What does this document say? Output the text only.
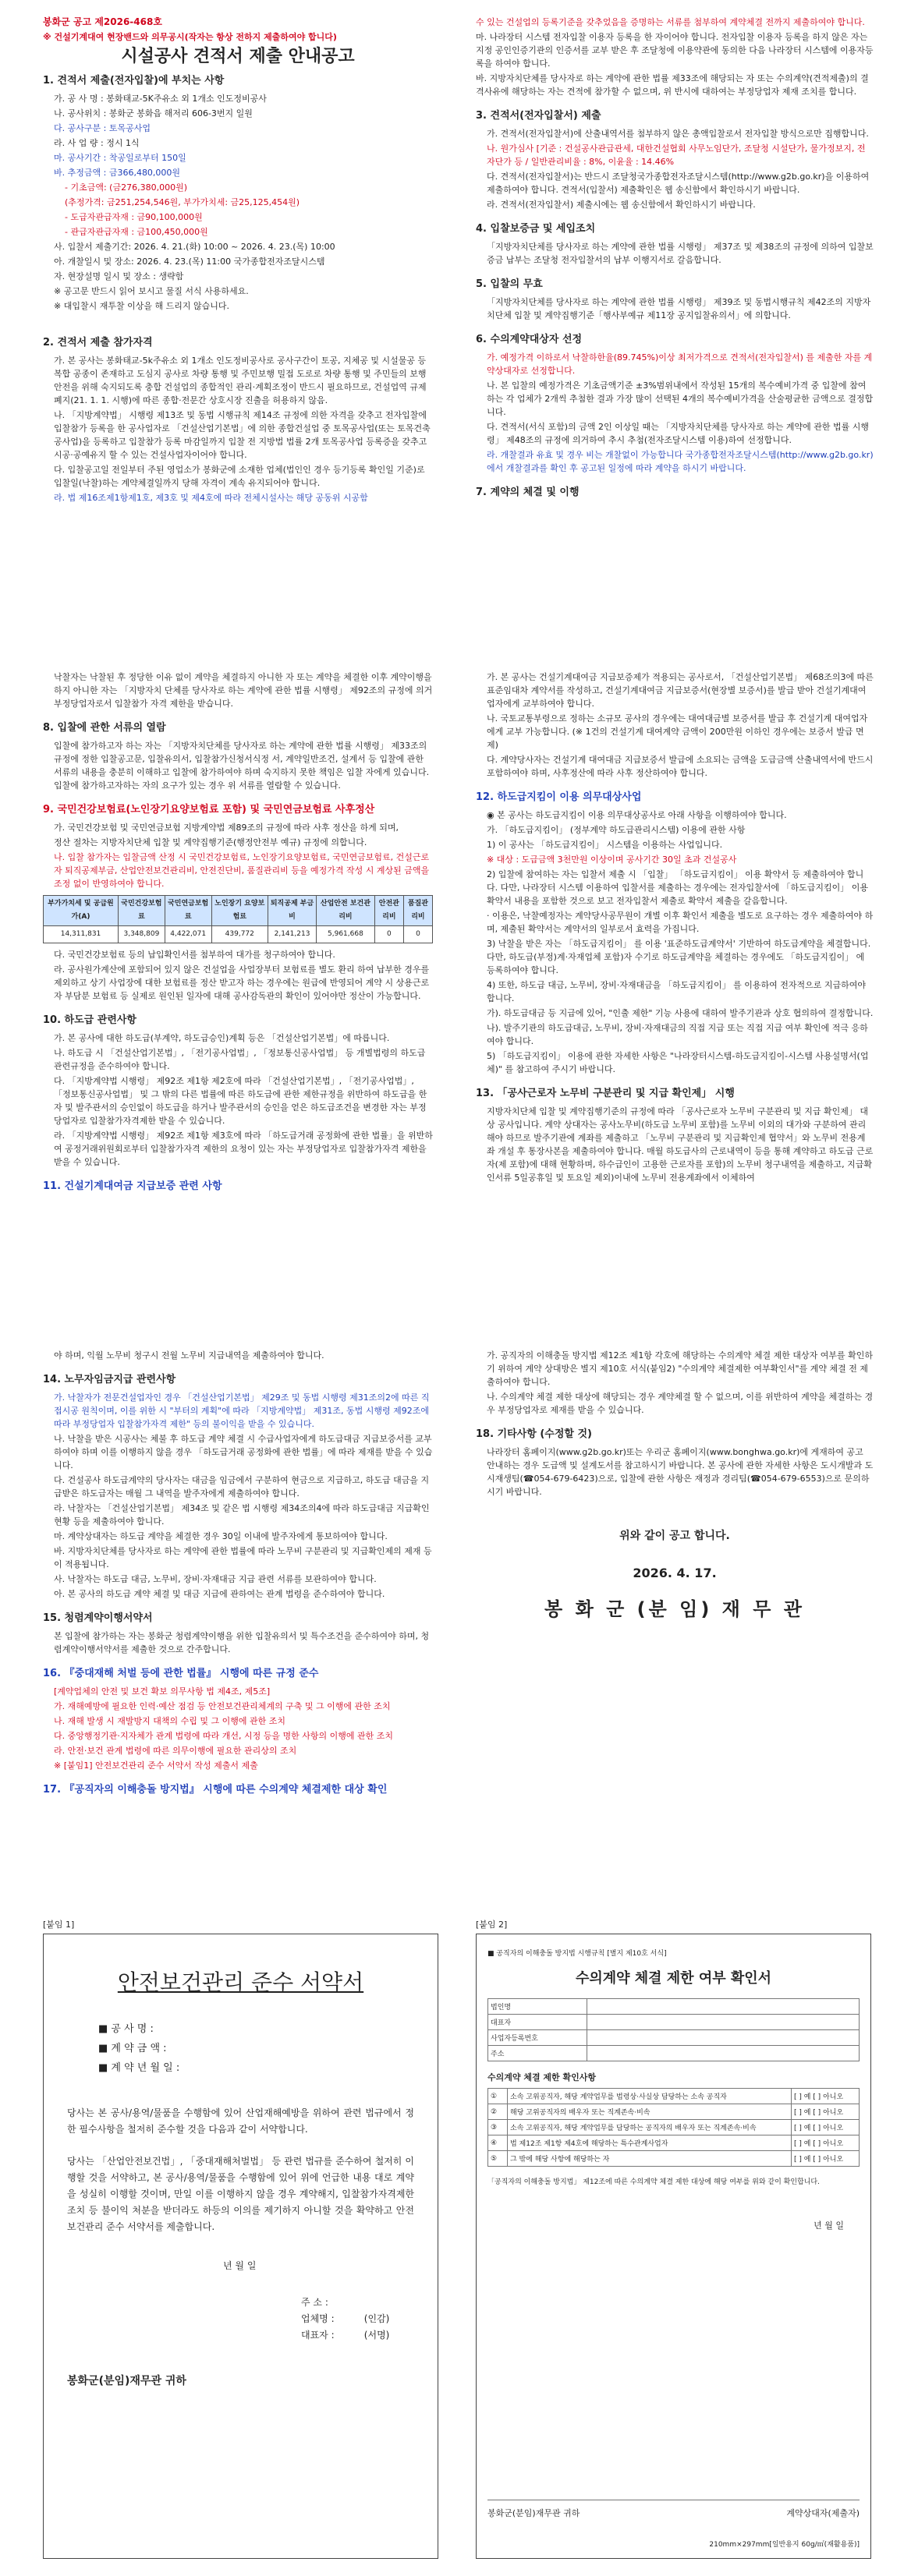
봉화군 공고 제2026-468호

※ 건설기계대여 현장밴드와 의무공시(작자는 항상 전하지 제출하여야 합니다)

시설공사 견적서 제출 안내공고
1. 견적서 제출(전자입찰)에 부치는 사항

가. 공 사 명 : 봉화태교-5K주유소 외 1개소 인도정비공사

나. 공사위치 : 봉화군 봉화읍 해저리 606-3번지 일원

다. 공사구분 : 토목공사업

라. 사 업 량 : 정시 1식

마. 공사기간 : 착공일로부터 150일

바. 추정금액 : 금366,480,000원

- 기초금액: (금276,380,000원)

(추정가격: 금251,254,546원, 부가가치세: 금25,125,454원)

- 도급자관급자재 : 금90,100,000원

- 관급자관급자재 : 금100,450,000원

사. 입찰서 제출기간: 2026. 4. 21.(화) 10:00 ~ 2026. 4. 23.(목) 10:00

아. 개찰일시 및 장소: 2026. 4. 23.(목) 11:00 국가종합전자조달시스템

자. 현장설명 일시 및 장소 : 생략함

※ 공고문 반드시 읽어 보시고 물질 서식 사용하세요.

※ 대입찰시 재투찰 이상을 해 드리지 않습니다.

2. 견적서 제출 참가자격

가. 본 공사는 봉화태교-5k주유소 외 1개소 인도정비공사로 공사구간이 토공, 지체공 및 시설물공 등 복합 공종이 존재하고 도심지 공사로 차량 통행 및 주민보행 밀접 도로로 차량 통행 및 주민들의 보행 안전을 위해 숙지되도록 충합 건설업의 종합적인 관리·계획조정이 반드시 필요하므로, 건설업역 규제폐지(21. 1. 1. 시행)에 따른 종합·전문간 상호시장 진출을 허용하지 않음.

나. 「지방계약법」 시행령 제13조 및 동법 시행규칙 제14조 규정에 의한 자격을 갖추고 전자입찰에 입찰참가 등록을 한 공사업자로 「건설산업기본법」에 의한 종합건설업 중 토목공사업(또는 토목건축공사업)을 등록하고 입찰참가 등록 마감일까지 입찰 전 지방법 법률 2개 토목공사업 등록증을 갖추고 시공·공예유지 할 수 있는 건설사업자이어야 합니다.

다. 입찰공고일 전일부터 주된 영업소가 봉화군에 소재한 업체(법인인 경우 등기등록 확인일 기준)로 입찰일(낙찰)하는 계약체결일까지 당해 자격이 계속 유지되어야 합니다.

라. 법 제16조제1항제1호, 제3호 및 제4호에 따라 전체시설사는 해당 공동위 시공함

수 있는 건설업의 등록기준을 갖추었음을 증명하는 서류를 첨부하여 계약체결 전까지 제출하여야 합니다.

마. 나라장터 시스템 전자입찰 이용자 등록을 한 자이어야 합니다. 전자입찰 이용자 등록을 하지 않은 자는 지정 공인인증기관의 인증서를 교부 받은 후 조달청에 이용약관에 동의한 다음 나라장터 시스템에 이용자등록을 하여야 합니다.

바. 지방자치단체를 당사자로 하는 계약에 관한 법률 제33조에 해당되는 자 또는 수의계약(견적제출)의 결격사유에 해당하는 자는 견적에 참가할 수 없으며, 위 반시에 대하여는 부정당업자 제재 조치를 합니다.

3. 견적서(전자입찰서) 제출

가. 견적서(전자입찰서)에 산출내역서를 첨부하지 않은 총액입찰로서 전자입찰 방식으로만 집행합니다.

나. 원가심사 [기준 : 건설공사관급관세, 대한건설협회 사무노임단가, 조달청 시설단가, 물가정보지, 전자단가 등 / 일반관리비율 : 8%, 이윤율 : 14.46%

다. 견적서(전자입찰서)는 반드시 조달청국가종합전자조달시스템(http://www.g2b.go.kr)을 이용하여 제출하여야 합니다. 견적서(입찰서) 제출확인은 웹 송신함에서 확인하시기 바랍니다.

라. 견적서(전자입찰서) 제출시에는 웹 송신함에서 확인하시기 바랍니다.

4. 입찰보증금 및 세입조치

「지방자치단체를 당사자로 하는 계약에 관한 법률 시행령」 제37조 및 제38조의 규정에 의하여 입찰보증금 납부는 조달청 전자입찰서의 납부 이행지서로 갈음합니다.

5. 입찰의 무효

「지방자치단체를 당사자로 하는 계약에 관한 법률 시행령」 제39조 및 동법시행규칙 제42조의 지방자치단체 입찰 및 계약집행기준「행사부예규 제11장 공지입찰유의서」에 의합니다.

6. 수의계약대상자 선정

가. 예정가격 이하로서 낙찰하한율(89.745%)이상 최저가격으로 견적서(전자입찰서) 를 제출한 자를 계약상대자로 선정합니다.

나. 본 입찰의 예정가격은 기초금액기준 ±3%범위내에서 작성된 15개의 복수예비가격 중 입찰에 참여하는 각 업체가 2개씩 추첨한 결과 가장 많이 선택된 4개의 복수예비가격을 산술평균한 금액으로 결정합니다.

다. 견적서(서식 포함)의 금액 2인 이상일 때는 「지방자치단체를 당사자로 하는 계약에 관한 법률 시행령」 제48조의 규정에 의거하여 추시 추첨(전자조달시스템 이용)하여 선정합니다.

라. 개찰결과 유효 및 경우 비는 개찰없이 가능합니다 국가종합전자조달시스템(http://www.g2b.go.kr)에서 개찰결과를 확인 후 공고된 일정에 따라 계약을 하시기 바랍니다.

7. 계약의 체결 및 이행

낙찰자는 낙찰된 후 정당한 이유 없이 계약을 체결하지 아니한 자 또는 계약을 체결한 이후 계약이행을 하지 아니한 자는 「지방자치 단체를 당사자로 하는 계약에 관한 법률 시행령」 제92조의 규정에 의거 부정당업자로서 입찰참가 자격 제한을 받습니다.

8. 입찰에 관한 서류의 열람

입찰에 참가하고자 하는 자는 「지방자치단체를 당사자로 하는 계약에 관한 법률 시행령」 제33조의 규정에 정한 입찰공고문, 입찰유의서, 입찰참가신청서식정 서, 계약일반조건, 설계서 등 입찰에 관한 서류의 내용을 충분히 이해하고 입찰에 참가하여야 하며 숙지하지 못한 책임은 입찰 자에게 있습니다. 입찰에 참가하고자하는 자의 요구가 있는 경우 위 서류를 열람할 수 있습니다.

9. 국민건강보험료(노인장기요양보험료 포함) 및 국민연금보험료 사후정산

가. 국민건강보험 및 국민연금보험 지방계약법 제89조의 규정에 따라 사후 정산을 하게 되며,

정산 절차는 지방자치단체 입찰 및 계약집행기준(행정안전부 예규) 규정에 의합니다.

나. 입찰 참가자는 입찰금액 산정 시 국민건강보험료, 노인장기요양보험료, 국민연금보험료, 건설근로자 퇴직공제부금, 산업안전보건관리비, 안전진단비, 품질관리비 등을 예정가격 작성 시 계상된 금액을 조정 없이 반영하여야 합니다.

부가가치세 및 공급원가(A)	국민건강보험료	국민연금보험료	노인장기 요양보험료	퇴직공제 부금비	산업안전 보건관리비	안전관리비	품질관리비
14,311,831	3,348,809	4,422,071	439,772	2,141,213	5,961,668	0	0

다. 국민건강보험료 등의 납입확인서를 첨부하여 대가를 청구하여야 합니다.

라. 공사원가계산에 포함되어 있지 않은 건설업을 사업장부터 보험료를 별도 환리 하여 납부한 경우를 제외하고 상기 사업장에 대한 보험료를 정산 받고자 하는 경우에는 원급에 반영되어 계약 시 상용근로자 부담분 보험료 등 실제로 원인된 일자에 대해 공사감독관의 확인이 있어야만 정산이 가능합니다.

10. 하도급 관련사항

가. 본 공사에 대한 하도급(부계약, 하도급승인)계획 등은 「건설산업기본법」에 따릅니다.

나. 하도급 시 「건설산업기본법」, 「전기공사업법」, 「정보통신공사업법」 등 개별법령의 하도급 관련규정을 준수하여야 합니다.

다. 「지방계약법 시행령」 제92조 제1항 제2호에 따라 「건설산업기본법」, 「전기공사업법」, 「정보통신공사업법」 및 그 밖의 다른 법률에 따른 하도급에 관한 제한규정을 위반하여 하도급을 한 자 및 발주관서의 승인없이 하도급을 하거나 발주관서의 승인을 얻은 하도급조건을 변경한 자는 부정당업자로 입찰참가자격제한 받을 수 있습니다.

라. 「지방계약법 시행령」 제92조 제1항 제3호에 따라 「하도급거래 공정화에 관한 법률」을 위반하여 공정거래위원회로부터 입찰참가자격 제한의 요청이 있는 자는 부정당업자로 입찰참가자격 제한을 받을 수 있습니다.

11. 건설기계대여금 지급보증 관련 사항

가. 본 공사는 건설기계대여금 지급보증제가 적용되는 공사로서, 「건설산업기본법」 제68조의3에 따른 표준임대차 계약서를 작성하고, 건설기계대여금 지급보증서(현장별 보증서)를 발급 받아 건설기계대여업자에게 교부하여야 합니다.

나. 국토교통부령으로 정하는 소규모 공사의 경우에는 대여대금별 보증서를 발급 후 건설기계 대여업자에게 교부 가능합니다. (※ 1건의 건설기계 대여계약 금액이 200만원 이하인 경우에는 보증서 발급 면제)

다. 계약당사자는 건설기계 대여대금 지급보증서 발급에 소요되는 금액을 도급금액 산출내역서에 반드시 포함하여야 하며, 사후정산에 따라 사후 정산하여야 합니다.

12. 하도급지킴이 이용 의무대상사업

◉ 본 공사는 하도급지킴이 이용 의무대상공사로 아래 사항을 이행하여야 합니다.

가. 「하도급지킴이」 (정부계약 하도급관리시스템) 이용에 관한 사항

1) 이 공사는 「하도급지킴이」 시스템을 이용하는 사업입니다.

※ 대상 : 도급금액 3천만원 이상이며 공사기간 30일 초과 건설공사

2) 입찰에 참여하는 자는 입찰서 제출 시 「입찰」 「하도급지킴이」 이용 확약서 등 제출하여야 합니다. 다만, 나라장터 시스템 이용하여 입찰서를 제출하는 경우에는 전자입찰서에 「하도급지킴이」 이용 확약서 내용을 포함한 것으로 보고 전자입찰서 제출로 확약서 제출을 갈음합니다.

· 이용은, 낙찰예정자는 계약당사공무원이 개별 이후 확인서 제출을 별도로 요구하는 경우 제출하여야 하며, 제출된 확약서는 계약서의 일부로서 효력을 가집니다.

3) 낙찰을 받은 자는 「하도급지킴이」 를 이용 '표준하도급계약서' 기반하여 하도급계약을 체결합니다. 다만, 하도급(부정)계·자재업체 포함)자 수기로 하도급계약을 체결하는 경우에도 「하도급지킴이」 에 등록하여야 합니다.

4) 또한, 하도급 대금, 노무비, 장비·자재대금을 「하도급지킴이」 를 이용하여 전자적으로 지급하여야 합니다.

가). 하도급대금 등 지급에 있어, "인출 제한" 기능 사용에 대하여 발주기관과 상호 협의하여 결정합니다.

나). 발주기관의 하도급대금, 노무비, 장비·자재대금의 직접 지급 또는 직접 지급 여부 확인에 적극 응하여야 합니다.

5) 「하도급지킴이」 이용에 관한 자세한 사항은 "나라장터시스템-하도급지킴이-시스템 사용설명서(업체)" 를 참고하여 주시기 바랍니다.

13. 「공사근로자 노무비 구분관리 및 지급 확인제」 시행

지방자치단체 입찰 및 계약집행기준의 규정에 따라 「공사근로자 노무비 구분관리 및 지급 확인제」 대상 공사입니다. 계약 상대자는 공사노무비(하도급 노무비 포함)를 노무비 이외의 대가와 구분하여 관리해야 하므로 발주기관에 계좌를 제출하고 「노무비 구분관리 및 지급확인제 협약서」와 노무비 전용계좌 개설 후 통장사본을 제출하여야 합니다. 매월 하도급사의 근로내역이 등을 통해 계약하고 하도급 근로자(제 포함)에 대해 현황하며, 하수급인이 고용한 근로자를 포함)의 노무비 청구내역을 제출하고, 지급확인서류 5일공휴일 및 토요일 제외)이내에 노무비 전용계좌에서 이체하여

야 하며, 익월 노무비 청구시 전월 노무비 지급내역을 제출하여야 합니다.

14. 노무자임금지급 관련사항

가. 낙찰자가 전문건설업자인 경우 「건설산업기본법」 제29조 및 동법 시행령 제31조의2에 따른 직접시공 원칙이며, 이를 위한 시 "부터의 계획"에 따라 「지방계약법」 제31조, 동법 시행령 제92조에 따라 부정당업자 입찰참가자격 제한" 등의 불이익을 받을 수 있습니다.

나. 낙찰을 받은 시공사는 체불 후 하도급 계약 체결 시 수급사업자에게 하도급대금 지급보증서를 교부하여야 하며 이를 이행하지 않을 경우 「하도급거래 공정화에 관한 법률」에 따라 제재를 받을 수 있습니다.

다. 건설공사 하도급계약의 당사자는 대금을 임금에서 구분하여 현금으로 지급하고, 하도급 대금을 지급받은 하도급자는 매월 그 내역을 발주자에게 제출하여야 합니다.

라. 낙찰자는 「건설산업기본법」 제34조 및 같은 법 시행령 제34조의4에 따라 하도급대금 지급확인 현황 등을 제출하여야 합니다.

마. 계약상대자는 하도급 계약을 체결한 경우 30일 이내에 발주자에게 통보하여야 합니다.

바. 지방자치단체를 당사자로 하는 계약에 관한 법률에 따라 노무비 구분관리 및 지급확인제의 제재 등이 적용됩니다.

사. 낙찰자는 하도급 대금, 노무비, 장비·자재대금 지급 관련 서류를 보관하여야 합니다.

아. 본 공사의 하도급 계약 체결 및 대금 지급에 관하여는 관계 법령을 준수하여야 합니다.

15. 청렴계약이행서약서

본 입찰에 참가하는 자는 봉화군 청렴계약이행을 위한 입찰유의서 및 특수조건을 준수하여야 하며, 청렴계약이행서약서를 제출한 것으로 간주합니다.

16. 『중대재해 처벌 등에 관한 법률』 시행에 따른 규정 준수

[계약업체의 안전 및 보건 확보 의무사항 법 제4조, 제5조]

가. 재해예방에 필요한 인력·예산 점검 등 안전보건관리체계의 구축 및 그 이행에 관한 조치

나. 재해 발생 시 재발방지 대책의 수립 및 그 이행에 관한 조치

다. 중앙행정기관·지자체가 관계 법령에 따라 개선, 시정 등을 명한 사항의 이행에 관한 조치

라. 안전·보건 관계 법령에 따른 의무이행에 필요한 관리상의 조치

※ [붙임1] 안전보건관리 준수 서약서 작성 제출서 제출

17. 『공직자의 이해충돌 방지법』 시행에 따른 수의계약 체결제한 대상 확인

가. 공직자의 이해충돌 방지법 제12조 제1항 각호에 해당하는 수의계약 체결 제한 대상자 여부를 확인하기 위하여 계약 상대방은 별지 제10호 서식(붙임2) "수의계약 체결제한 여부확인서"를 계약 체결 전 제출하여야 합니다.

나. 수의계약 체결 제한 대상에 해당되는 경우 계약체결 할 수 없으며, 이를 위반하여 계약을 체결하는 경우 부정당업자로 제재를 받을 수 있습니다.

18. 기타사항 (수정할 것)

나라장터 홈페이지(www.g2b.go.kr)또는 우리군 홈페이지(www.bonghwa.go.kr)에 게재하여 공고 안내하는 경우 도급액 및 설계도서를 참고하시기 바랍니다. 본 공사에 관한 자세한 사항은 도시개발과 도시재생팀(☎054-679-6423)으로, 입찰에 관한 사항은 재정과 경리팀(☎054-679-6553)으로 문의하시기 바랍니다.

위와 같이 공고 합니다.

2026. 4. 17.

봉 화 군 (분 임) 재 무 관

[붙임 1]
안전보건관리 준수 서약서
■ 공 사 명 :
■ 계 약 금 액 :
■ 계 약 년 월 일 :
당사는 본 공사/용역/물품을 수행함에 있어 산업재해예방을 위하여 관련 법규에서 정한 필수사항을 철저히 준수할 것을 다음과 같이 서약합니다.
당사는 「산업안전보건법」, 「중대재해처벌법」 등 관련 법규를 준수하여 철저히 이행할 것을 서약하고, 본 공사/용역/물품을 수행함에 있어 위에 언급한 내용 대로 계약을 성실히 이행할 것이며, 만일 이를 이행하지 않을 경우 계약해지, 입찰참가자격제한조치 등 불이익 처분을 받더라도 하등의 이의를 제기하지 아니할 것을 확약하고 안전보건관리 준수 서약서를 제출합니다.

년 월 일

주 소 :

업체명 :	(인감)

대표자 :	(서명)

봉화군(분임)재무관 귀하

[붙임 2]

■ 공직자의 이해충돌 방지법 시행규칙 [별지 제10호 서식]

수의계약 체결 제한 여부 확인서

법인명	
대표자	
사업자등록번호	
주소	

수의계약 체결 제한 확인사항

①	소속 고위공직자, 해당 계약업무를 법령상·사실상 담당하는 소속 공직자	[ ] 예 [ ] 아니오
②	해당 고위공직자의 배우자 또는 직계존속·비속	[ ] 예 [ ] 아니오
③	소속 고위공직자, 해당 계약업무를 담당하는 공직자의 배우자 또는 직계존속·비속	[ ] 예 [ ] 아니오
④	법 제12조 제1항 제4호에 해당하는 특수관계사업자	[ ] 예 [ ] 아니오
⑤	그 밖에 해당 사항에 해당하는 자	[ ] 예 [ ] 아니오

「공직자의 이해충돌 방지법」 제12조에 따른 수의계약 체결 제한 대상에 해당 여부를 위와 같이 확인합니다.

년 월 일

봉화군(분임)재무관 귀하	계약상대자(제출자)

210mm×297mm[일반용지 60g/㎡(재활용품)]
